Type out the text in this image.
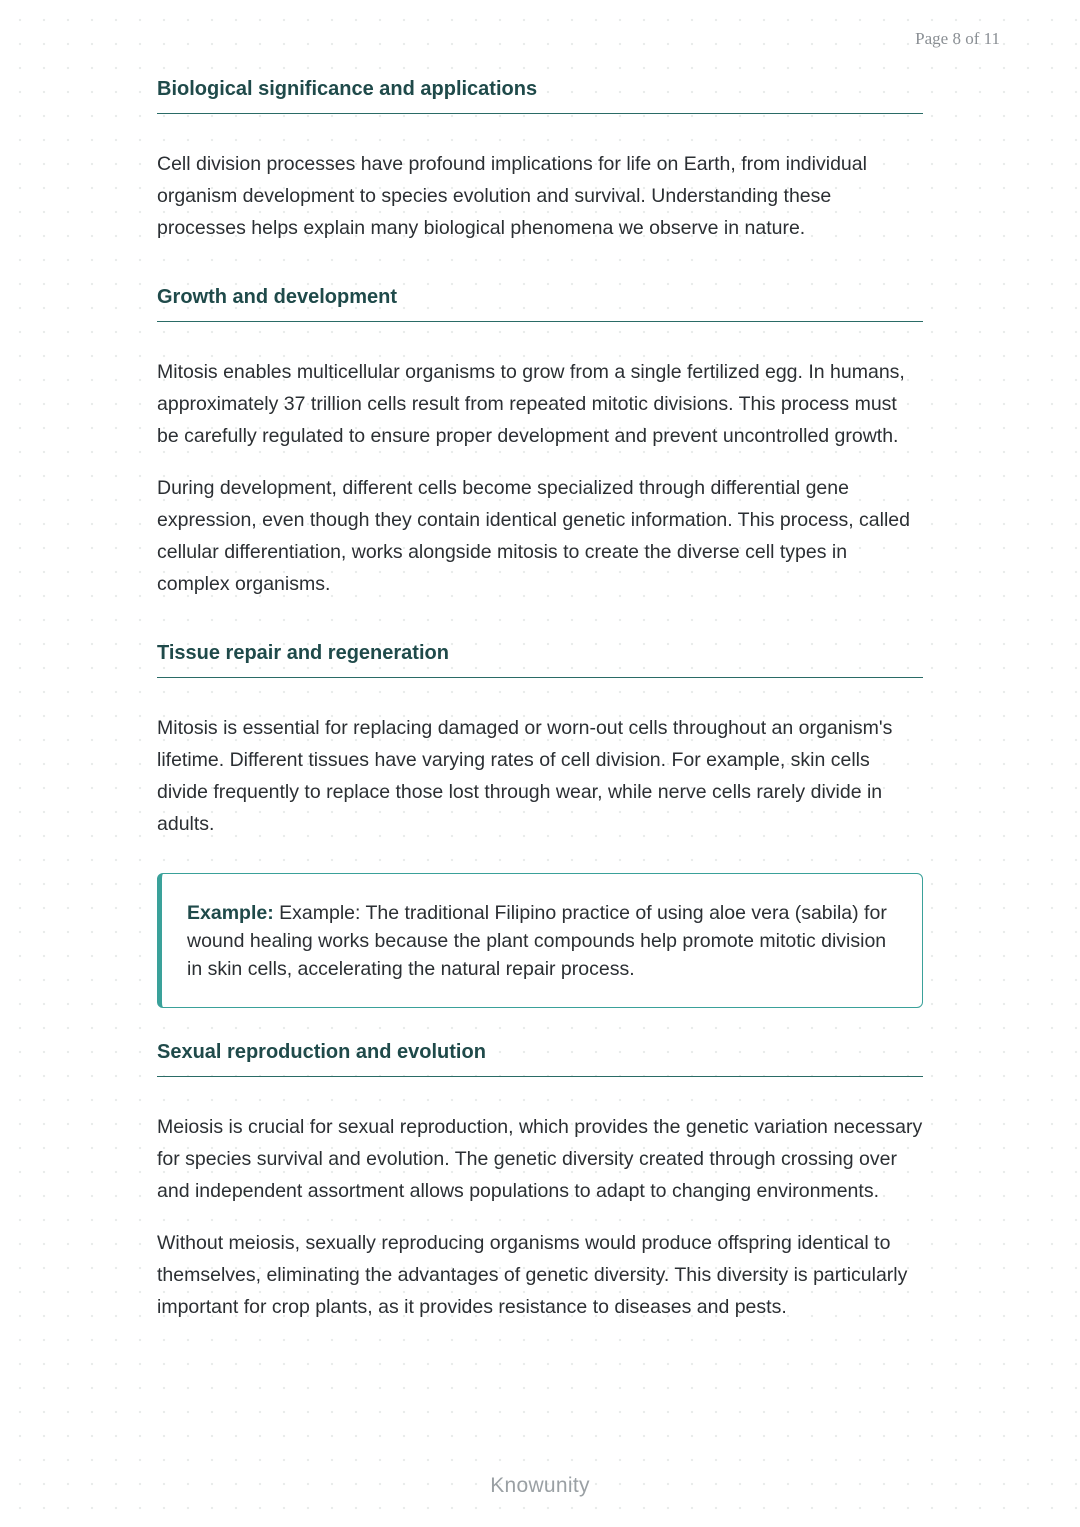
Page 8 of 11
Biological significance and applications

Cell division processes have profound implications for life on Earth, from individual organism development to species evolution and survival. Understanding these processes helps explain many biological phenomena we observe in nature.

Growth and development

Mitosis enables multicellular organisms to grow from a single fertilized egg. In humans, approximately 37 trillion cells result from repeated mitotic divisions. This process must be carefully regulated to ensure proper development and prevent uncontrolled growth.

During development, different cells become specialized through differential gene expression, even though they contain identical genetic information. This process, called cellular differentiation, works alongside mitosis to create the diverse cell types in complex organisms.

Tissue repair and regeneration

Mitosis is essential for replacing damaged or worn-out cells throughout an organism's lifetime. Different tissues have varying rates of cell division. For example, skin cells divide frequently to replace those lost through wear, while nerve cells rarely divide in adults.

Example: Example: The traditional Filipino practice of using aloe vera (sabila) for wound healing works because the plant compounds help promote mitotic division in skin cells, accelerating the natural repair process.

Sexual reproduction and evolution

Meiosis is crucial for sexual reproduction, which provides the genetic variation necessary for species survival and evolution. The genetic diversity created through crossing over and independent assortment allows populations to adapt to changing environments.

Without meiosis, sexually reproducing organisms would produce offspring identical to themselves, eliminating the advantages of genetic diversity. This diversity is particularly important for crop plants, as it provides resistance to diseases and pests.

Knowunity
